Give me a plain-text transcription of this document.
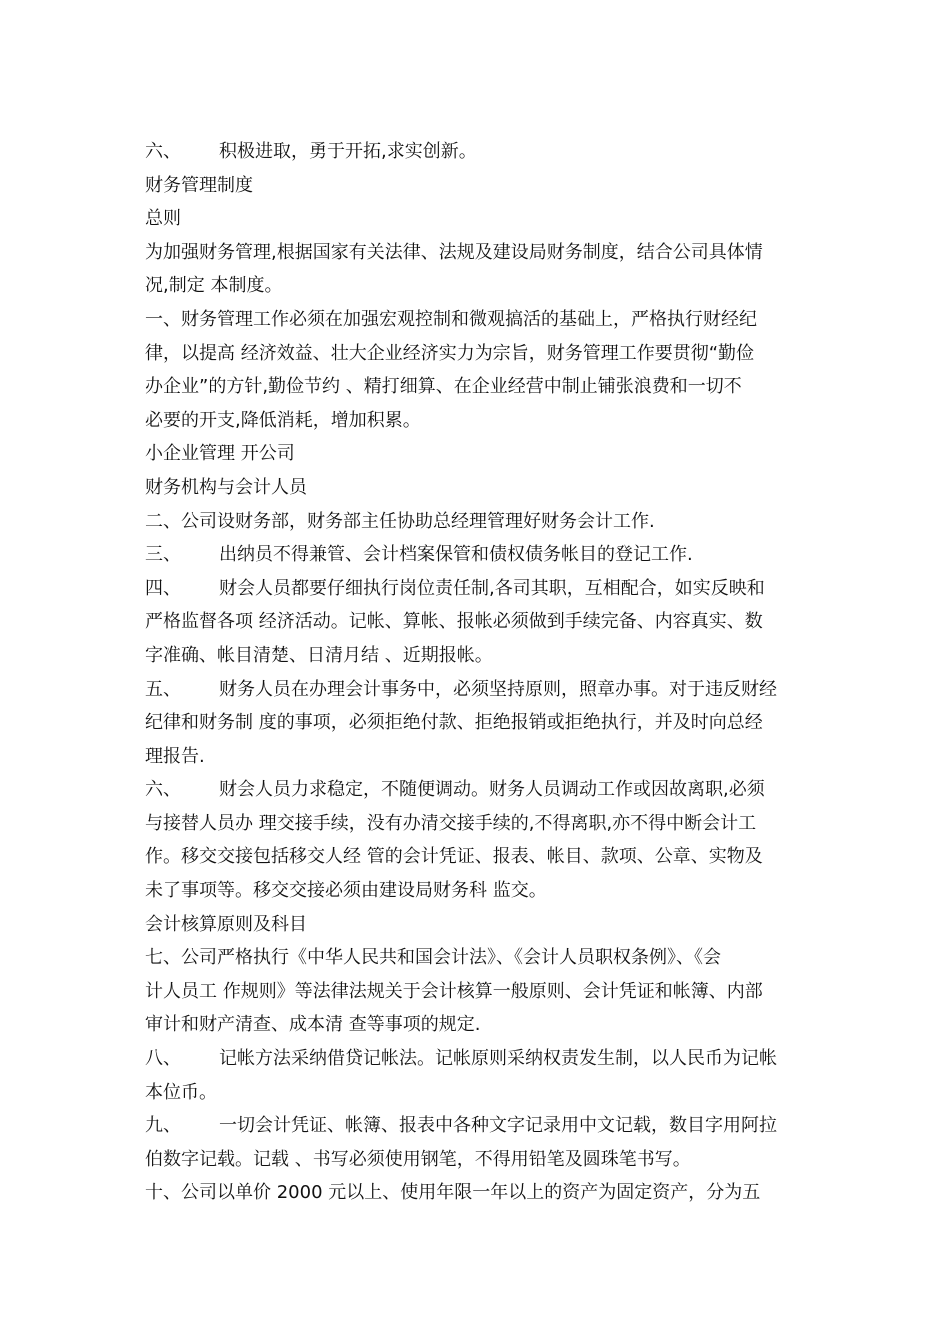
六、 积极进取，勇于开拓,求实创新。
财务管理制度
总则
为加强财务管理,根据国家有关法律、法规及建设局财务制度，结合公司具体情
况,制定 本制度。
一、财务管理工作必须在加强宏观控制和微观搞活的基础上，严格执行财经纪
律，以提高 经济效益、壮大企业经济实力为宗旨，财务管理工作要贯彻“勤俭
办企业”的方针,勤俭节约 、精打细算、在企业经营中制止铺张浪费和一切不
必要的开支,降低消耗，增加积累。
小企业管理 开公司
财务机构与会计人员
二、公司设财务部，财务部主任协助总经理管理好财务会计工作.
三、 出纳员不得兼管、会计档案保管和债权债务帐目的登记工作.
四、 财会人员都要仔细执行岗位责任制,各司其职，互相配合，如实反映和
严格监督各项 经济活动。记帐、算帐、报帐必须做到手续完备、内容真实、数
字准确、帐目清楚、日清月结 、近期报帐。
五、 财务人员在办理会计事务中，必须坚持原则，照章办事。对于违反财经
纪律和财务制 度的事项，必须拒绝付款、拒绝报销或拒绝执行，并及时向总经
理报告.
六、 财会人员力求稳定，不随便调动。财务人员调动工作或因故离职,必须
与接替人员办 理交接手续，没有办清交接手续的,不得离职,亦不得中断会计工
作。移交交接包括移交人经 管的会计凭证、报表、帐目、款项、公章、实物及
未了事项等。移交交接必须由建设局财务科 监交。
会计核算原则及科目
七、公司严格执行《中华人民共和国会计法》、《会计人员职权条例》、《会
计人员工 作规则》等法律法规关于会计核算一般原则、会计凭证和帐簿、内部
审计和财产清查、成本清 查等事项的规定.
八、 记帐方法采纳借贷记帐法。记帐原则采纳权责发生制，以人民币为记帐
本位币。
九、 一切会计凭证、帐簿、报表中各种文字记录用中文记载，数目字用阿拉
伯数字记载。记载 、书写必须使用钢笔，不得用铅笔及圆珠笔书写。
十、公司以单价 2000 元以上、使用年限一年以上的资产为固定资产，分为五
